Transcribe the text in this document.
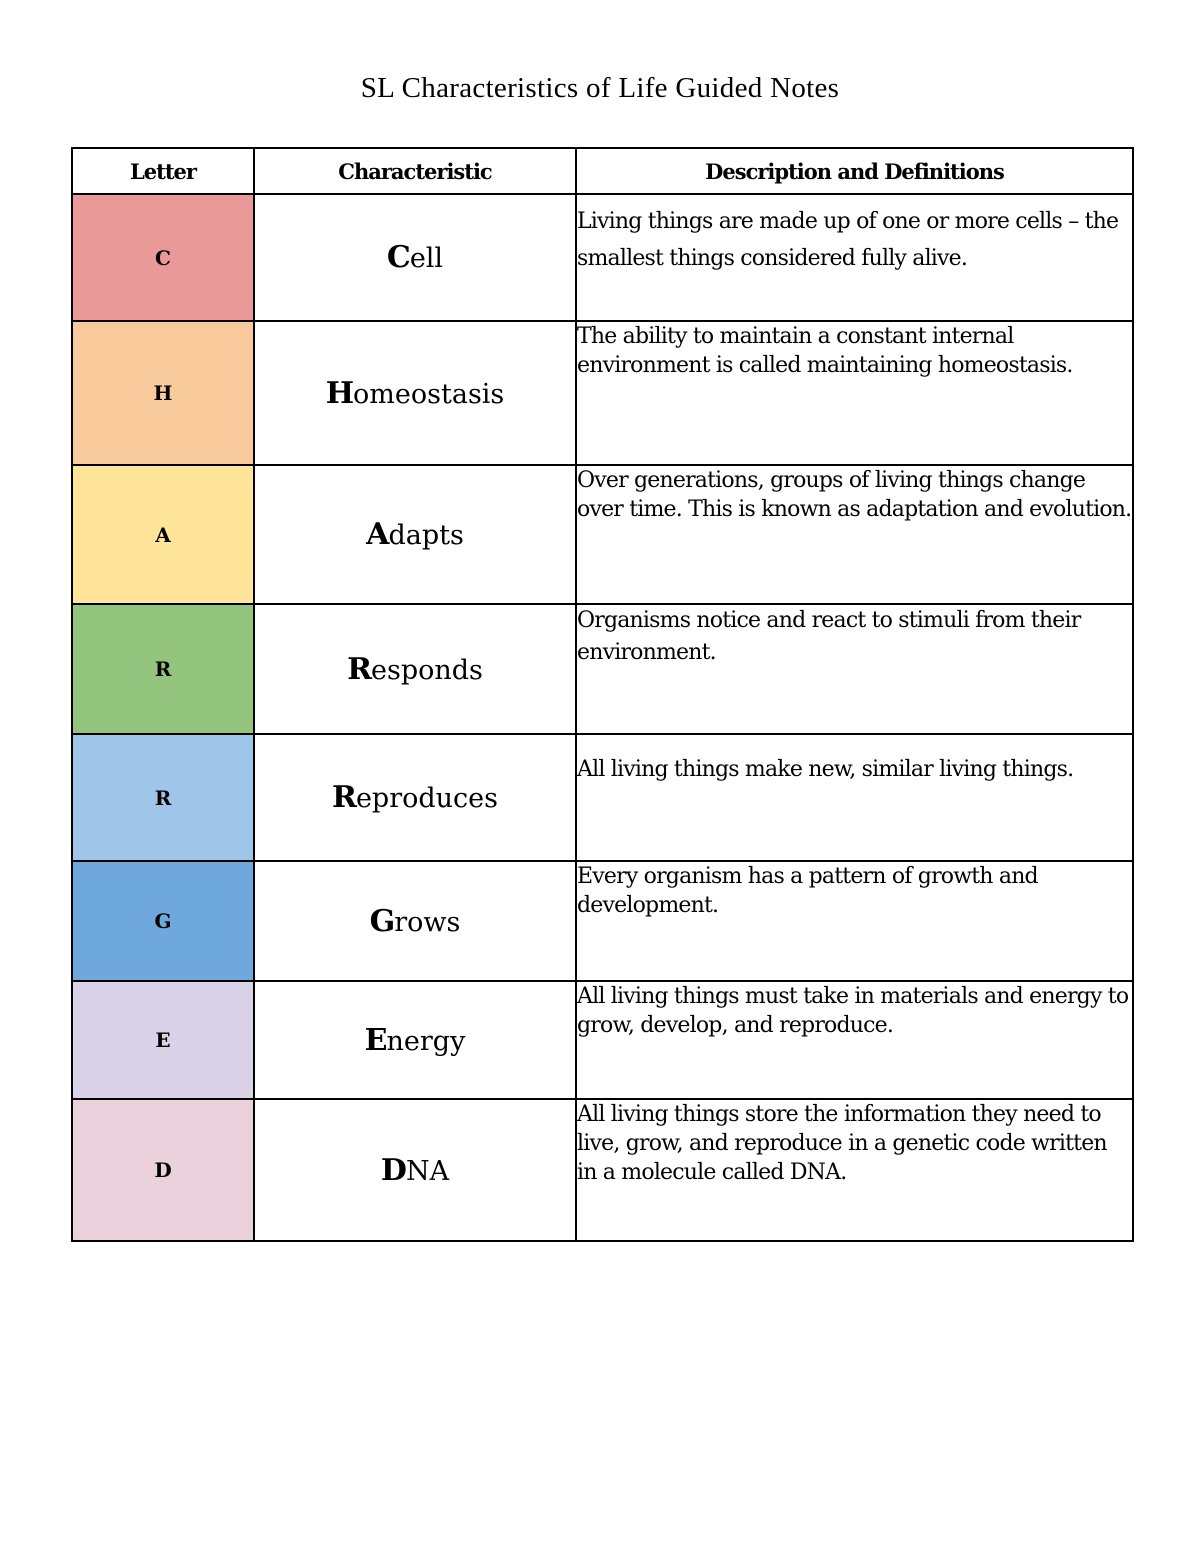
SL Characteristics of Life Guided Notes
Letter	Characteristic	Description and Definitions
C	Cell	Living things are made up of one or more cells – the smallest things considered fully alive.
H	Homeostasis	The ability to maintain a constant internal environment is called maintaining homeostasis.
A	Adapts	Over generations, groups of living things change over time. This is known as adaptation and evolution.
R	Responds	Organisms notice and react to stimuli from their environment.
R	Reproduces	All living things make new, similar living things.
G	Grows	Every organism has a pattern of growth and development.
E	Energy	All living things must take in materials and energy to grow, develop, and reproduce.
D	DNA	All living things store the information they need to live, grow, and reproduce in a genetic code written in a molecule called DNA.
